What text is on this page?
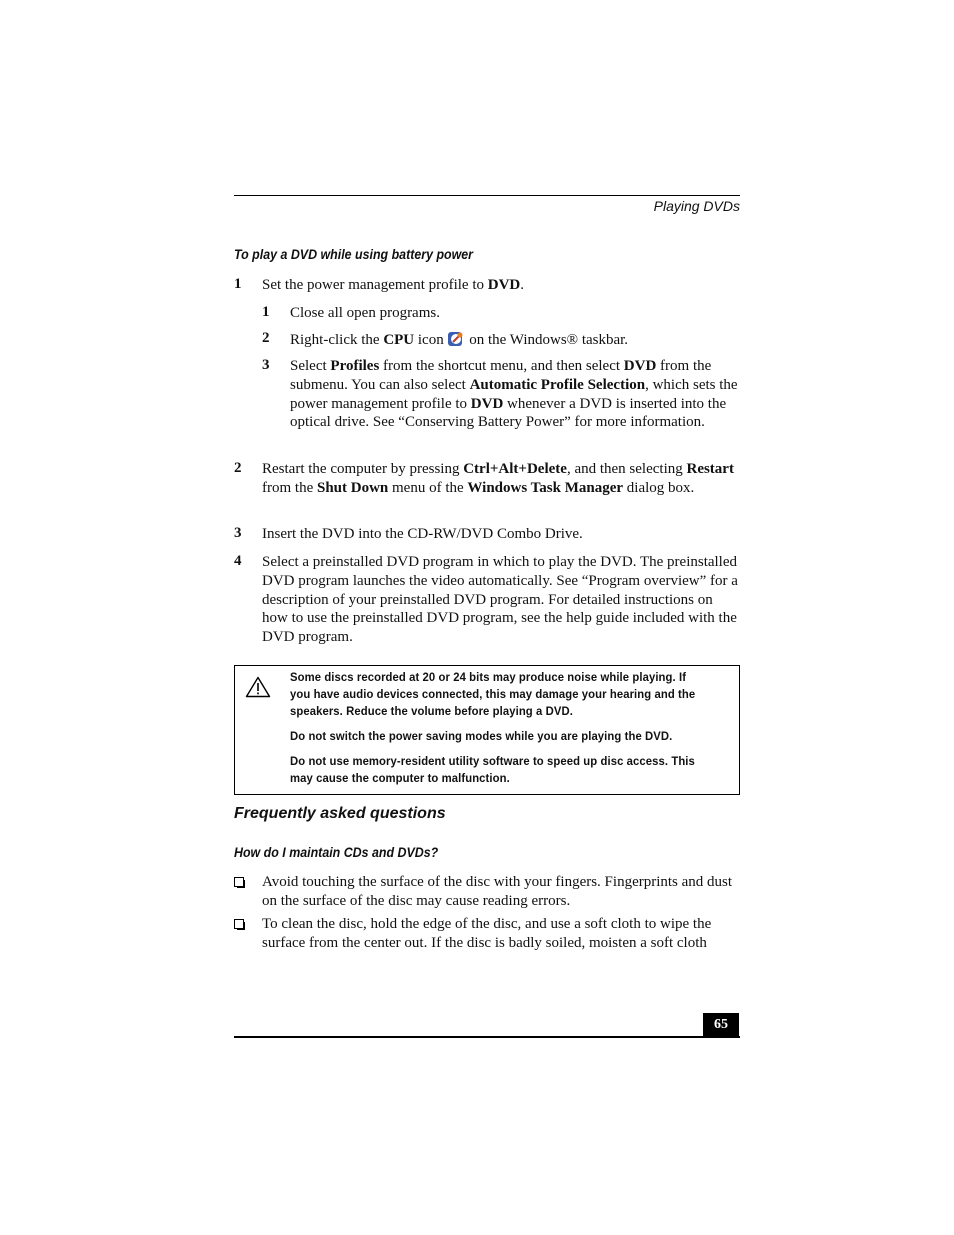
Playing DVDs
To play a DVD while using battery power
1 Set the power management profile to DVD.
1 Close all open programs.
2 Right-click the CPU icon  on the Windows® taskbar.
3 Select Profiles from the shortcut menu, and then select DVD from the submenu. You can also select Automatic Profile Selection, which sets the power management profile to DVD whenever a DVD is inserted into the optical drive. See “Conserving Battery Power” for more information.
2 Restart the computer by pressing Ctrl+Alt+Delete, and then selecting Restart from the Shut Down menu of the Windows Task Manager dialog box.
3 Insert the DVD into the CD-RW/DVD Combo Drive.
4 Select a preinstalled DVD program in which to play the DVD. The preinstalled DVD program launches the video automatically. See “Program overview” for a description of your preinstalled DVD program. For detailed instructions on how to use the preinstalled DVD program, see the help guide included with the DVD program.
Some discs recorded at 20 or 24 bits may produce noise while playing. If you have audio devices connected, this may damage your hearing and the speakers. Reduce the volume before playing a DVD.
Do not switch the power saving modes while you are playing the DVD.
Do not use memory-resident utility software to speed up disc access. This may cause the computer to malfunction.
Frequently asked questions
How do I maintain CDs and DVDs?
Avoid touching the surface of the disc with your fingers. Fingerprints and dust on the surface of the disc may cause reading errors.
To clean the disc, hold the edge of the disc, and use a soft cloth to wipe the surface from the center out. If the disc is badly soiled, moisten a soft cloth
65
